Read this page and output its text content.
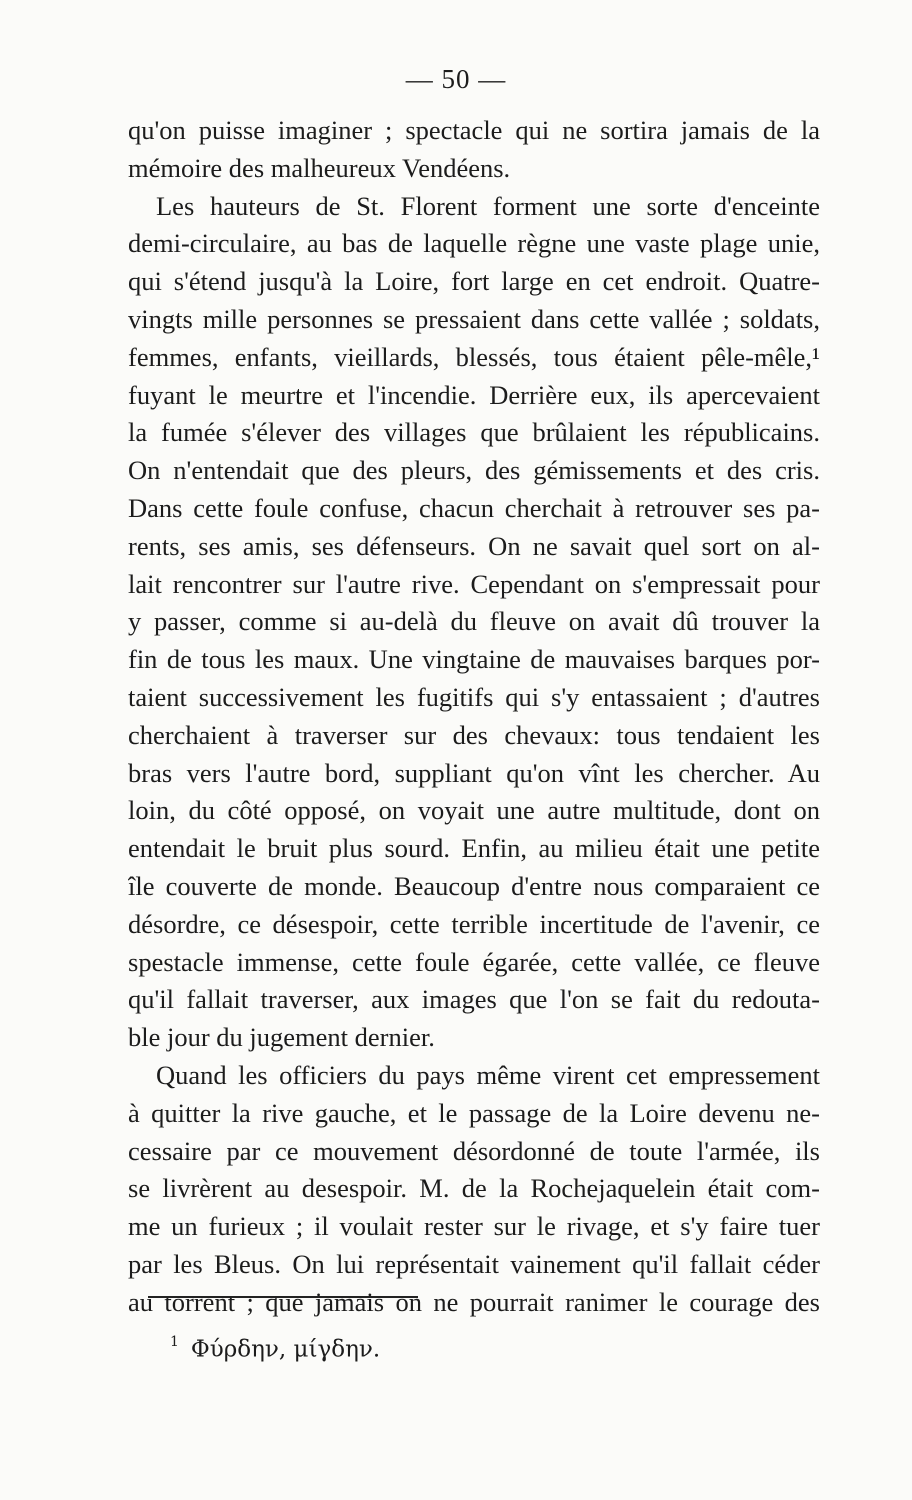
— 50 —
qu'on puisse imaginer ; spectacle qui ne sortira jamais de la
mémoire des malheureux Vendéens.
Les hauteurs de St. Florent forment une sorte d'enceinte
demi-circulaire, au bas de laquelle règne une vaste plage unie,
qui s'étend jusqu'à la Loire, fort large en cet endroit. Quatre-
vingts mille personnes se pressaient dans cette vallée ; soldats,
femmes, enfants, vieillards, blessés, tous étaient pêle-mêle,¹
fuyant le meurtre et l'incendie. Derrière eux, ils apercevaient
la fumée s'élever des villages que brûlaient les républicains.
On n'entendait que des pleurs, des gémissements et des cris.
Dans cette foule confuse, chacun cherchait à retrouver ses pa-
rents, ses amis, ses défenseurs. On ne savait quel sort on al-
lait rencontrer sur l'autre rive. Cependant on s'empressait pour
y passer, comme si au-delà du fleuve on avait dû trouver la
fin de tous les maux. Une vingtaine de mauvaises barques por-
taient successivement les fugitifs qui s'y entassaient ; d'autres
cherchaient à traverser sur des chevaux: tous tendaient les
bras vers l'autre bord, suppliant qu'on vînt les chercher. Au
loin, du côté opposé, on voyait une autre multitude, dont on
entendait le bruit plus sourd. Enfin, au milieu était une petite
île couverte de monde. Beaucoup d'entre nous comparaient ce
désordre, ce désespoir, cette terrible incertitude de l'avenir, ce
spestacle immense, cette foule égarée, cette vallée, ce fleuve
qu'il fallait traverser, aux images que l'on se fait du redouta-
ble jour du jugement dernier.
Quand les officiers du pays même virent cet empressement
à quitter la rive gauche, et le passage de la Loire devenu ne-
cessaire par ce mouvement désordonné de toute l'armée, ils
se livrèrent au desespoir. M. de la Rochejaquelein était com-
me un furieux ; il voulait rester sur le rivage, et s'y faire tuer
par les Bleus. On lui représentait vainement qu'il fallait céder
au torrent ; que jamais on ne pourrait ranimer le courage des
$^1$ Φύρδην, μίγδην.
